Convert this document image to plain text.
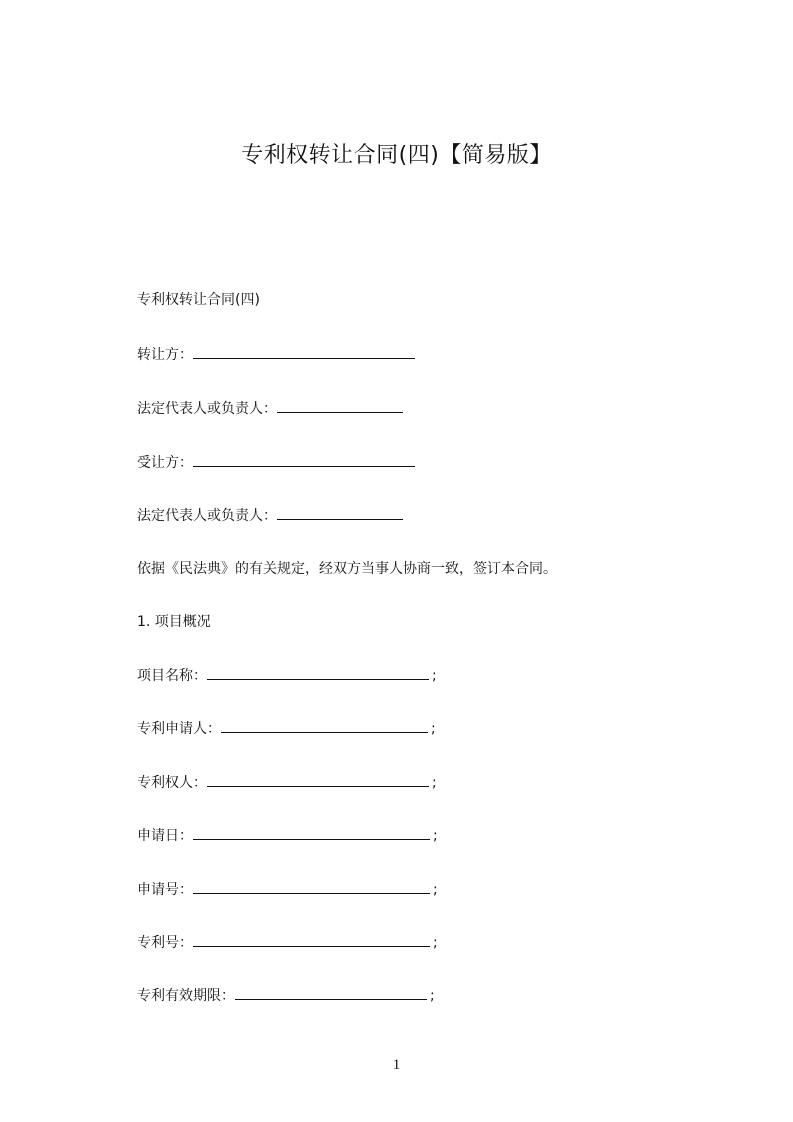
专利权转让合同(四)【简易版】

专利权转让合同(四)

转让方：

法定代表人或负责人：

受让方：

法定代表人或负责人：

依据《民法典》的有关规定，经双方当事人协商一致，签订本合同。

1. 项目概况

项目名称：	;

专利申请人：	;

专利权人：	;

申请日：	;

申请号：	;

专利号：	;

专利有效期限：	;

1
